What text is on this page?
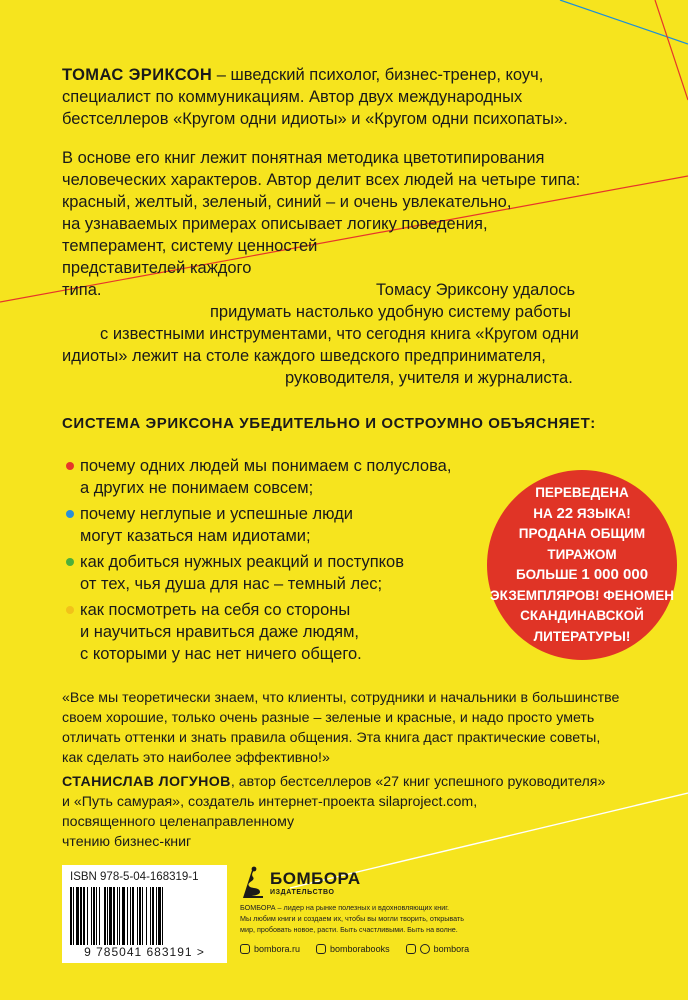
ТОМАС ЭРИКСОН – шведский психолог, бизнес-тренер, коуч,
специалист по коммуникациям. Автор двух международных
бестселлеров «Кругом одни идиоты» и «Кругом одни психопаты».
В основе его книг лежит понятная методика цветотипирования
человеческих характеров. Автор делит всех людей на четыре типа:
красный, желтый, зеленый, синий – и очень увлекательно,
на узнаваемых примерах описывает логику поведения,
темперамент, систему ценностей
представителей каждого
типа.	Томасу Эриксону удалось
придумать настолько удобную систему работы
с известными инструментами, что сегодня книга «Кругом одни
идиоты» лежит на столе каждого шведского предпринимателя,
руководителя, учителя и журналиста.
СИСТЕМА ЭРИКСОНА УБЕДИТЕЛЬНО И ОСТРОУМНО ОБЪЯСНЯЕТ:
почему одних людей мы понимаем с полуслова,
а других не понимаем совсем;
почему неглупые и успешные люди
могут казаться нам идиотами;
как добиться нужных реакций и поступков
от тех, чья душа для нас – темный лес;
как посмотреть на себя со стороны
и научиться нравиться даже людям,
с которыми у нас нет ничего общего.
ПЕРЕВЕДЕНА
НА 22 ЯЗЫКА!
ПРОДАНА ОБЩИМ ТИРАЖОМ
БОЛЬШЕ 1 000 000
ЭКЗЕМПЛЯРОВ! ФЕНОМЕН
СКАНДИНАВСКОЙ
ЛИТЕРАТУРЫ!
«Все мы теоретически знаем, что клиенты, сотрудники и начальники в большинстве
своем хорошие, только очень разные – зеленые и красные, и надо просто уметь
отличать оттенки и знать правила общения. Эта книга даст практические советы,
как сделать это наиболее эффективно!»
СТАНИСЛАВ ЛОГУНОВ, автор бестселлеров «27 книг успешного руководителя»
и «Путь самурая», создатель интернет-проекта silaproject.com,
посвященного целенаправленному
чтению бизнес-книг
ISBN 978-5-04-168319-1
9 785041 683191 >
БОМБОРА
ИЗДАТЕЛЬСТВО
БОМБОРА – лидер на рынке полезных и вдохновляющих книг.
Мы любим книги и создаем их, чтобы вы могли творить, открывать
мир, пробовать новое, расти. Быть счастливыми. Быть на волне.
bombora.ru	bomborabooks	bombora
